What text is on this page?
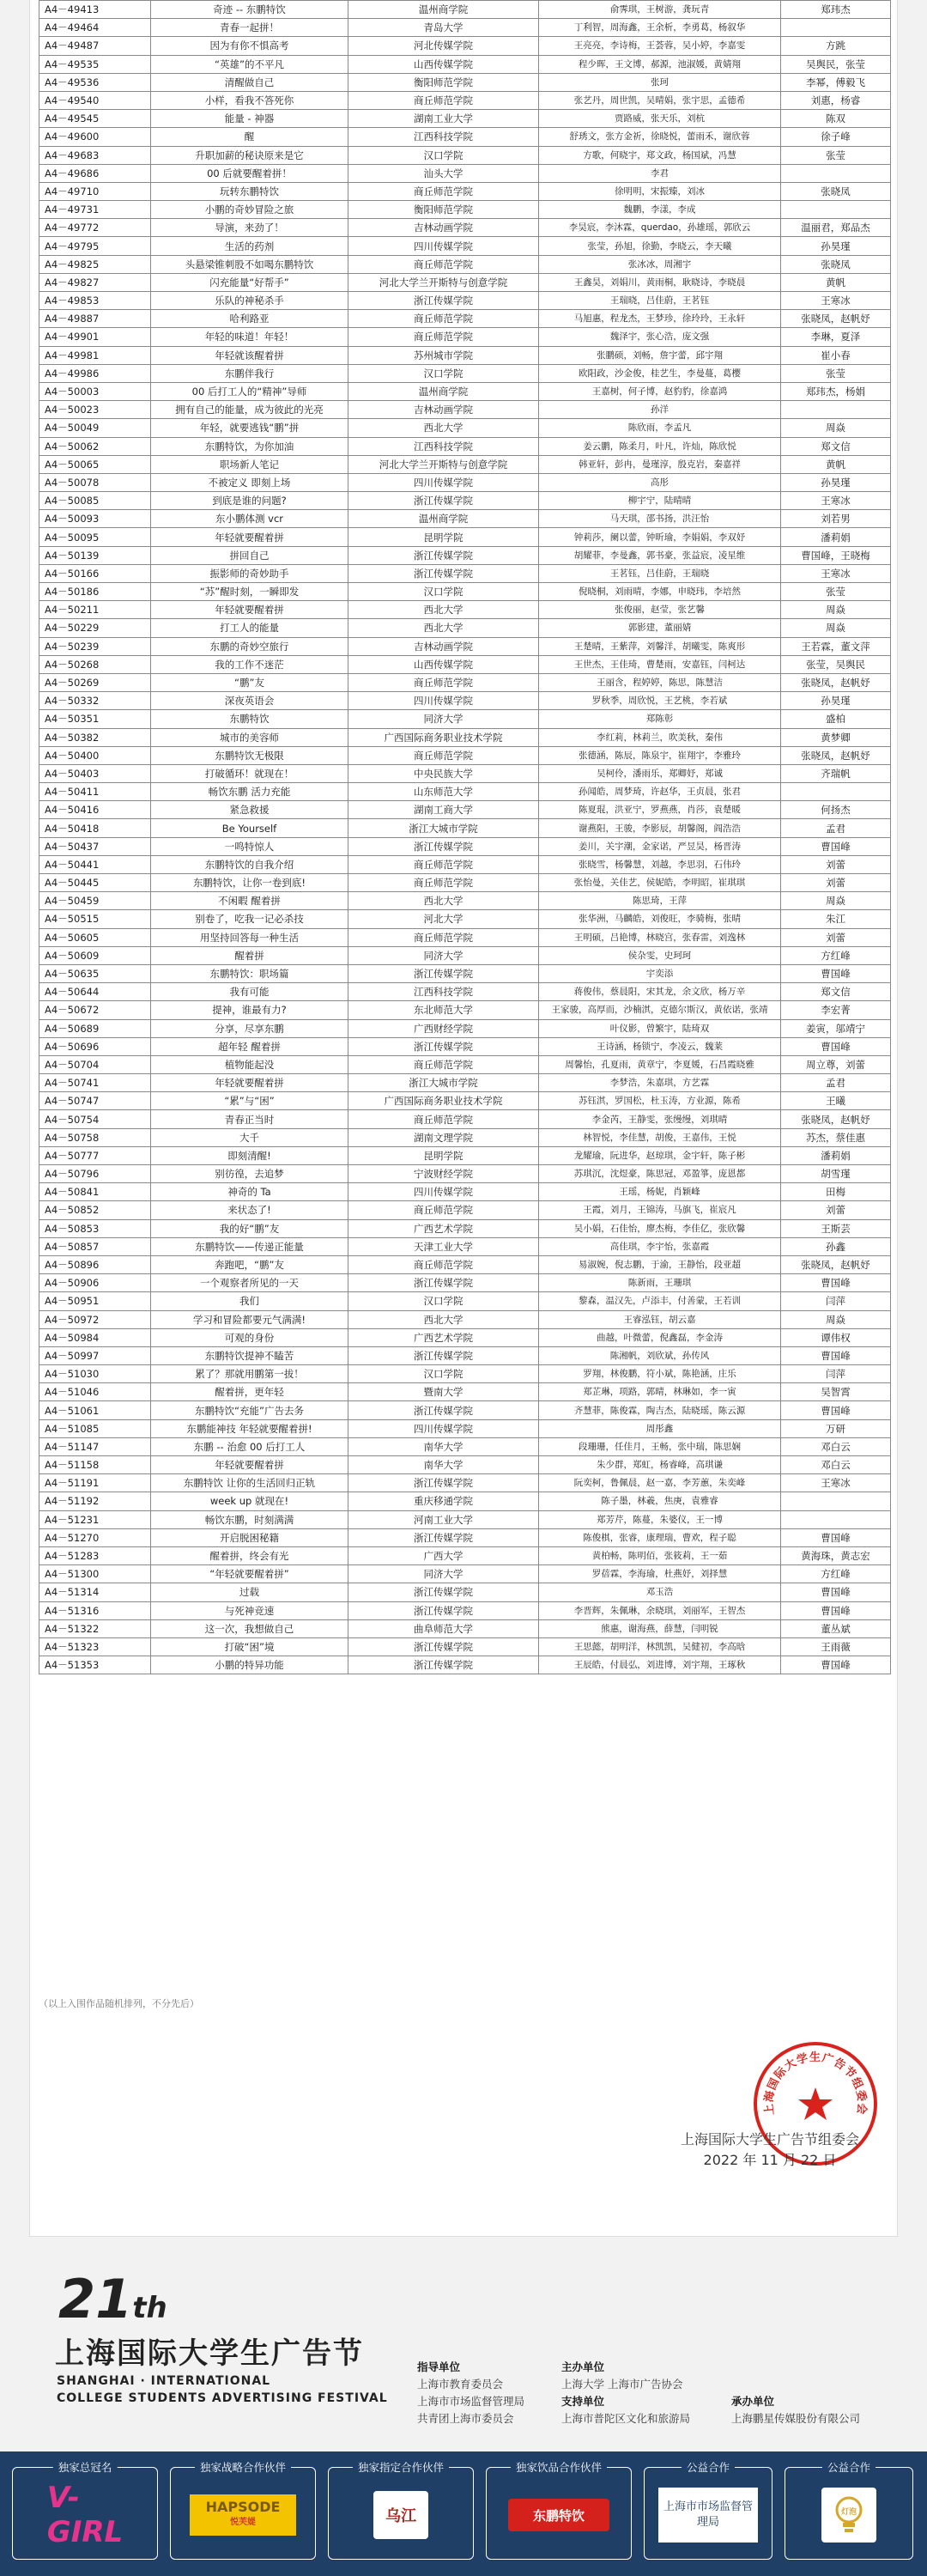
A4－49413	奇迹 -- 东鹏特饮	温州商学院	俞霁琪，王树游，龚玩青	郑玮杰
A4－49464	青春一起拼！	青岛大学	丁利智，周海鑫，王余析，李勇葛，杨叙华	
A4－49487	因为有你不惧高考	河北传媒学院	王亮亮，李诗梅，王荟蓉，吴小婷，李嘉雯	方跳
A4－49535	“英雄”的不平凡	山西传媒学院	程少晖，王文博，郝源，池淑媛，黄婧翔	吴舆民，张莹
A4－49536	清醒做自己	衡阳师范学院	张珂	李幂，傅毅飞
A4－49540	小样，看我不答死你	商丘师范学院	张艺丹，周世凯，吴晴娟，张宇思，孟德希	刘惠，杨睿
A4－49545	能量 - 神器	湖南工业大学	贾路威，张天乐，刘杭	陈双
A4－49600	醒	江西科技学院	舒琇文，张方金祈，徐晓悦，蕾雨禾，谢欣蓉	徐子峰
A4－49683	升职加薪的秘诀原来是它	汉口学院	方歌，何晓宇，郑文政，杨国斌，冯慧	张莹
A4－49686	00 后就要醒着拼！	汕头大学	李君	
A4－49710	玩转东鹏特饮	商丘师范学院	徐明明，宋振臻，刘冰	张晓凤
A4－49731	小鹏的奇妙冒险之旅	衡阳师范学院	魏鹏，李漾，李成	
A4－49772	导演，来劲了！	吉林动画学院	李昊宸，李沐霖，querdao，孙雄瑶，郭欣云	温丽君，郑品杰
A4－49795	生活的药剂	四川传媒学院	张莹，孙旭，徐勤，李晓云，李天曦	孙昊瑾
A4－49825	头悬梁锥刺股不如喝东鹏特饮	商丘师范学院	张冰冰，周湘宇	张晓凤
A4－49827	闪充能量“好帮手”	河北大学兰开斯特与创意学院	王鑫昊，刘娟川，黄雨桐，耿晓诗，李晓晨	黄帆
A4－49853	乐队的神秘杀手	浙江传媒学院	王瑞晓，吕佳蔚，王茗钰	王寒冰
A4－49887	哈利路亚	商丘师范学院	马旭惠，程龙杰，王梦珍，徐玲玲，王永轩	张晓凤，赵帆妤
A4－49901	年轻的味道！年轻！	商丘师范学院	魏泽宇，张心浩，庞文强	李琳，夏泽
A4－49981	年轻就该醒着拼	苏州城市学院	张鹏硕，刘畅，詹宇蕾，邱宇翔	崔小春
A4－49986	东鹏伴我行	汉口学院	欧阳政，沙金俊，桂艺生，李曼蔓，葛樱	张莹
A4－50003	00 后打工人的“精神”导师	温州商学院	王嘉树，何子博，赵豹豹，徐嘉鸿	郑玮杰，杨娟
A4－50023	拥有自己的能量，成为彼此的光亮	吉林动画学院	孙洋	
A4－50049	年轻，就要逃钱“鹏”拼	西北大学	陈欣雨，李孟凡	周焱
A4－50062	东鹏特饮，为你加油	江西科技学院	姜云鹏，陈柔月，叶凡，许灿，陈欣悦	郑文信
A4－50065	职场新人笔记	河北大学兰开斯特与创意学院	韩亚轩，彭冉，曼瑾淳，殷克岩，秦嘉祥	黄帆
A4－50078	不被定义 即刻上场	四川传媒学院	高彤	孙昊瑾
A4－50085	到底是谁的问题?	浙江传媒学院	柳宇宁，陆晴晴	王寒冰
A4－50093	东小鹏体测 vcr	温州商学院	马天琪，邵书扬，洪汪怡	刘若男
A4－50095	年轻就要醒着拼	昆明学院	钟莉莎，阑以蕾，钟昕瑜，李娟娟，李双妤	潘莉娟
A4－50139	拼回自己	浙江传媒学院	胡耀菲，李曼鑫，郭书豪，张益宸，凌星维	曹国峰，王晓梅
A4－50166	振影师的奇妙助手	浙江传媒学院	王茗钰，吕佳蔚，王瑞晓	王寒冰
A4－50186	“苏”醒时刻，一瞬即发	汉口学院	倪晓桐，刘雨晴，李娜，申晓玮，李培然	张莹
A4－50211	年轻就要醒着拼	西北大学	张俊丽，赵莹，张艺馨	周焱
A4－50229	打工人的能量	西北大学	郭影建，董丽婧	周焱
A4－50239	东鹏的奇妙空旅行	吉林动画学院	王楚晴，王紫萍，刘馨洋，胡曦雯，陈爽形	王若霖，董文萍
A4－50268	我的工作不迷茫	山西传媒学院	王世杰，王佳琦，曹楚雨，安嘉钰，闫柯达	张莹，吴舆民
A4－50269	“鹏”友	商丘师范学院	王丽含，程婷婷，陈思，陈慧洁	张晓凤，赵帆妤
A4－50332	深夜英语会	四川传媒学院	罗秋季，周欣悦，王艺桃，李若斌	孙昊瑾
A4－50351	东鹏特饮	同济大学	郑陈彰	盛柏
A4－50382	城市的美容师	广西国际商务职业技术学院	李红莉，林莉兰，吹美秋，秦伟	黄梦卿
A4－50400	东鹏特饮无极限	商丘师范学院	张德涵，陈辰，陈泉宇，崔翔宇，李雅玲	张晓凤，赵帆妤
A4－50403	打破循环！就现在！	中央民族大学	吴柯伶，潘雨乐，郑卿妤，郑诚	齐瑞帆
A4－50411	畅饮东鹏 活力充能	山东师范大学	孙闻皓，周梦琦，许赵华，王贞晨，张君	
A4－50416	紧急救援	湖南工商大学	陈夏琨，洪亚宁，罗燕燕，肖莎，袁楚暖	何扬杰
A4－50418	Be Yourself	浙江大城市学院	谢燕阳，王骏，李影辰，胡馨阁，阎浩浩	孟君
A4－50437	一鸣特惊人	浙江传媒学院	姜川，关宇潮，金家诺，严昱昊，杨晋涛	曹国峰
A4－50441	东鹏特饮的自我介绍	商丘师范学院	张晓雪，杨馨慧，刘越，李思羽，石伟玲	刘蕾
A4－50445	东鹏特饮，让你一卷到底!	商丘师范学院	张怡曼，关佳艺，侯妮皓，李明昭，崔琪琪	刘蕾
A4－50459	不闲暇 醒着拼	西北大学	陈思琦，王萍	周焱
A4－50515	别卷了，吃我一记必杀技	河北大学	张华洲，马麟皓，刘俊旺，李骑梅，张晴	朱江
A4－50605	用坚持回答每一种生活	商丘师范学院	王明硕，吕艳博，林晓宫，张春雷，刘逸林	刘蕾
A4－50609	醒着拼	同济大学	侯杂雯，史珂珂	方红峰
A4－50635	东鹏特饮：职场篇	浙江传媒学院	宇奕添	曹国峰
A4－50644	我有可能	江西科技学院	蒋俊伟，蔡晨阳，宋其龙，余文欣，杨万辛	郑文信
A4－50672	提神，谁最有力?	东北师范大学	王家骏，高厚而，沙楠淇，克德尔斯汉，黄依诺，张靖	李宏菁
A4－50689	分享，尽享东鹏	广西财经学院	叶仪影，曾繁宇，陆琦双	姜寅，邬靖宁
A4－50696	超年轻 醒着拼	浙江传媒学院	王诗涵，杨锁宁，李凌云，魏莱	曹国峰
A4－50704	植物能起没	商丘师范学院	周馨怡，孔夏雨，黄章宁，李夏媛，石昌霞晓雅	周立尊，刘蕾
A4－50741	年轻就要醒着拼	浙江大城市学院	李梦浩，朱嘉琪，方艺霖	孟君
A4－50747	“累”与“困”	广西国际商务职业技术学院	苏钰淇，罗国松，杜玉涛，方业源，陈希	王曦
A4－50754	青春正当时	商丘师范学院	李金芮，王静雯，张缦缦，刘琪晴	张晓凤，赵帆妤
A4－50758	大千	湖南文理学院	林智悦，李佳慧，胡俊，王嘉伟，王悦	苏杰，蔡佳惠
A4－50777	即刻清醒!	昆明学院	龙耀瑜，阮进华，赵琼琪，金宇轩，陈子彬	潘莉娟
A4－50796	别彷徨，去追梦	宁波财经学院	苏琪沉，沈煜豪，陈思冠，邓盈箏，庞恩都	胡雪瑾
A4－50841	神奇的 Ta	四川传媒学院	王瑶，杨妮，肖颖峰	田梅
A4－50852	来状态了!	商丘师范学院	王霞，刘月，王锦涛，马旗飞，崔宸凡	刘蕾
A4－50853	我的好“鹏”友	广西艺术学院	吴小娟，石佳怡，廖杰梅，李佳亿，张欣馨	王斯芸
A4－50857	东鹏特饮——传递正能量	天津工业大学	高佳琪，李宇怡，张嘉霞	孙鑫
A4－50896	奔跑吧，“鹏”友	商丘师范学院	易淑婉，倪志鹏，于渝，王静怡，段亚超	张晓凤，赵帆妤
A4－50906	一个观察者所见的一天	浙江传媒学院	陈新雨，王珊琪	曹国峰
A4－50951	我们	汉口学院	黎森，温汉先，卢添丰，付善蒙，王若训	闫萍
A4－50972	学习和冒险都要元气满满!	西北大学	王睿泓钰，胡云嘉	周焱
A4－50984	可观的身份	广西艺术学院	曲越，叶微蕾，倪鑫磊，李金涛	谭伟权
A4－50997	东鹏特饮提神不瞌苦	浙江传媒学院	陈湘帆，刘欣斌，孙传风	曹国峰
A4－51030	累了？那就用鹏第一拔！	汉口学院	罗翔，林俊鹏，符小斌，陈艳涵，庄乐	闫萍
A4－51046	醒着拼，更年轻	暨南大学	郑芷琳，项路，郭晴，林琳如，李一寅	吴智霄
A4－51061	东鹏特饮“充能”广告去务	浙江传媒学院	齐慧菲，陈俊霖，陶吉杰，陆晓瑶，陈云源	曹国峰
A4－51085	东鹏能神技 年轻就要醒着拼!	四川传媒学院	周彤鑫	万研
A4－51147	东鹏 -- 治愈 00 后打工人	南华大学	段珊珊，任佳月，王畅，张中瑞，陈思娴	邓白云
A4－51158	年轻就要醒着拼	南华大学	朱少群，郑虹，杨睿峰，高琪谦	邓白云
A4－51191	东鹏特饮 让你的生活回归正轨	浙江传媒学院	阮奕柯，鲁佩晨，赵一嘉，李芳蕙，朱奕峰	王寒冰
A4－51192	week up 就现在!	重庆移通学院	陈子墨，林羲，焦庚，袁雅睿	
A4－51231	畅饮东鹏，时刻满满	河南工业大学	郑芳芹，陈蔓，朱婆仪，王一博	
A4－51270	开启脱困秘籍	浙江传媒学院	陈俊棋，张睿，康理瑞，曹欢，程子聪	曹国峰
A4－51283	醒着拼，终会有光	广西大学	黄柏畅，陈明佰，张筱莉，王一茹	黄海珠，黄志宏
A4－51300	“年轻就要醒着拼”	同济大学	罗蓓霖，李海瑜，杜燕妤，刘择慧	方红峰
A4－51314	过载	浙江传媒学院	邓玉浩	曹国峰
A4－51316	与死神竞速	浙江传媒学院	李晋辉，朱佩琳，余晓琪，刘丽军，王智杰	曹国峰
A4－51322	这一次，我想做自己	曲阜师范大学	熊惠，谢海燕，薛慧，闫明锐	董丛斌
A4－51323	打破“困”境	浙江传媒学院	王思懿，胡明洋，林凯凯，吴健初，李高晗	王雨薇
A4－51353	小鹏的特异功能	浙江传媒学院	王辰皓，付晨弘，刘进博，刘宇翔，王琢秋	曹国峰
（以上入围作品随机排列，不分先后）
上海国际大学生广告节组委会
上海国际大学生广告节组委会
2022 年 11 月 22 日
21th
上海国际大学生广告节
SHANGHAI · INTERNATIONAL
COLLEGE STUDENTS ADVERTISING FESTIVAL
指导单位
上海市教育委员会
上海市市场监督管理局
共青团上海市委员会
主办单位
上海大学 上海市广告协会
支持单位
上海市普陀区文化和旅游局
承办单位
上海鹏星传媒股份有限公司
独家总冠名
V-GIRL
独家战略合作伙伴
HAPSODE
悦芙媞
独家指定合作伙伴
乌江
独家饮品合作伙伴
东鹏特饮
公益合作
上海市市场监督管理局
公益合作
灯泡
